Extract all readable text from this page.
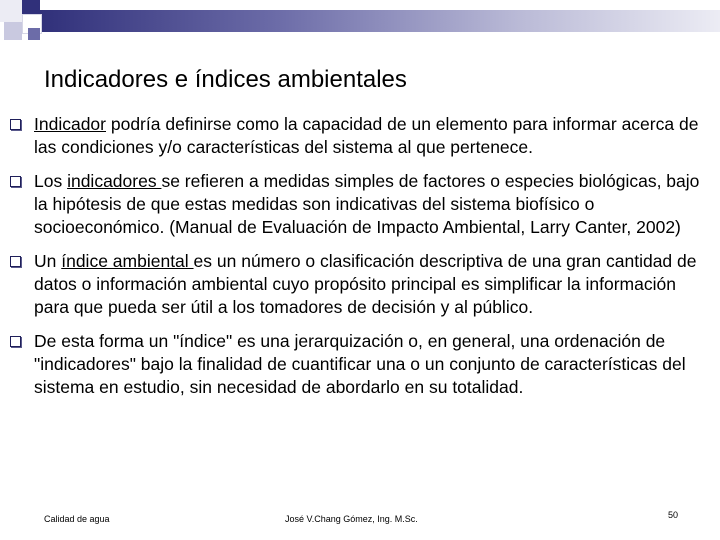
Indicadores e índices ambientales
Indicador podría definirse como la capacidad de un elemento para informar acerca de las condiciones y/o características del sistema al que pertenece.
Los indicadores se refieren a medidas simples de factores o especies biológicas, bajo la hipótesis de que estas medidas son indicativas del sistema biofísico o socioeconómico. (Manual de Evaluación de Impacto Ambiental, Larry Canter, 2002)
Un índice ambiental es un número o clasificación descriptiva de una gran cantidad de datos o información ambiental cuyo propósito principal es simplificar la información para que pueda ser útil a los tomadores de decisión y al público.
De esta forma un "índice" es una jerarquización o, en general, una ordenación de "indicadores" bajo la finalidad de cuantificar una o un conjunto de características del sistema en estudio, sin necesidad de abordarlo en su totalidad.
Calidad de agua	José V.Chang Gómez, Ing. M.Sc.	50
